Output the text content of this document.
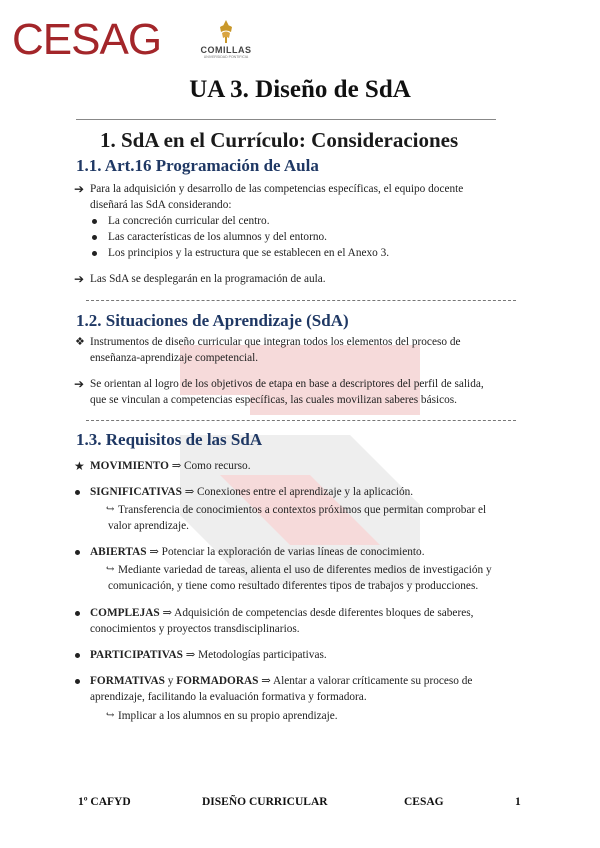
CESAG	COMILLAS
UNIVERSIDAD PONTIFICIA
UA 3. Diseño de SdA
1. SdA en el Currículo: Consideraciones
1.1. Art.16 Programación de Aula
➔ Para la adquisición y desarrollo de las competencias específicas, el equipo docente

diseñará las SdA considerando:

La concreción curricular del centro.

Las características de los alumnos y del entorno.

Los principios y la estructura que se establecen en el Anexo 3.

➔ Las SdA se desplegarán en la programación de aula.

1.2. Situaciones de Aprendizaje (SdA)
❖ Instrumentos de diseño curricular que integran todos los elementos del proceso de

enseñanza-aprendizaje competencial.

➔ Se orientan al logro de los objetivos de etapa en base a descriptores del perfil de salida,

que se vinculan a competencias específicas, las cuales movilizan saberes básicos.

1.3. Requisitos de las SdA
★ MOVIMIENTO ⇒ Como recurso.

SIGNIFICATIVAS ⇒ Conexiones entre el aprendizaje y la aplicación.

↪ Transferencia de conocimientos a contextos próximos que permitan comprobar el

valor aprendizaje.

ABIERTAS ⇒ Potenciar la exploración de varias líneas de conocimiento.

↪ Mediante variedad de tareas, alienta el uso de diferentes medios de investigación y

comunicación, y tiene como resultado diferentes tipos de trabajos y producciones.

COMPLEJAS ⇒ Adquisición de competencias desde diferentes bloques de saberes,

conocimientos y proyectos transdisciplinarios.

PARTICIPATIVAS ⇒ Metodologías participativas.

FORMATIVAS y FORMADORAS ⇒ Alentar a valorar críticamente su proceso de

aprendizaje, facilitando la evaluación formativa y formadora.

↪ Implicar a los alumnos en su propio aprendizaje.

1º CAFYD	DISEÑO CURRICULAR	CESAG	1
